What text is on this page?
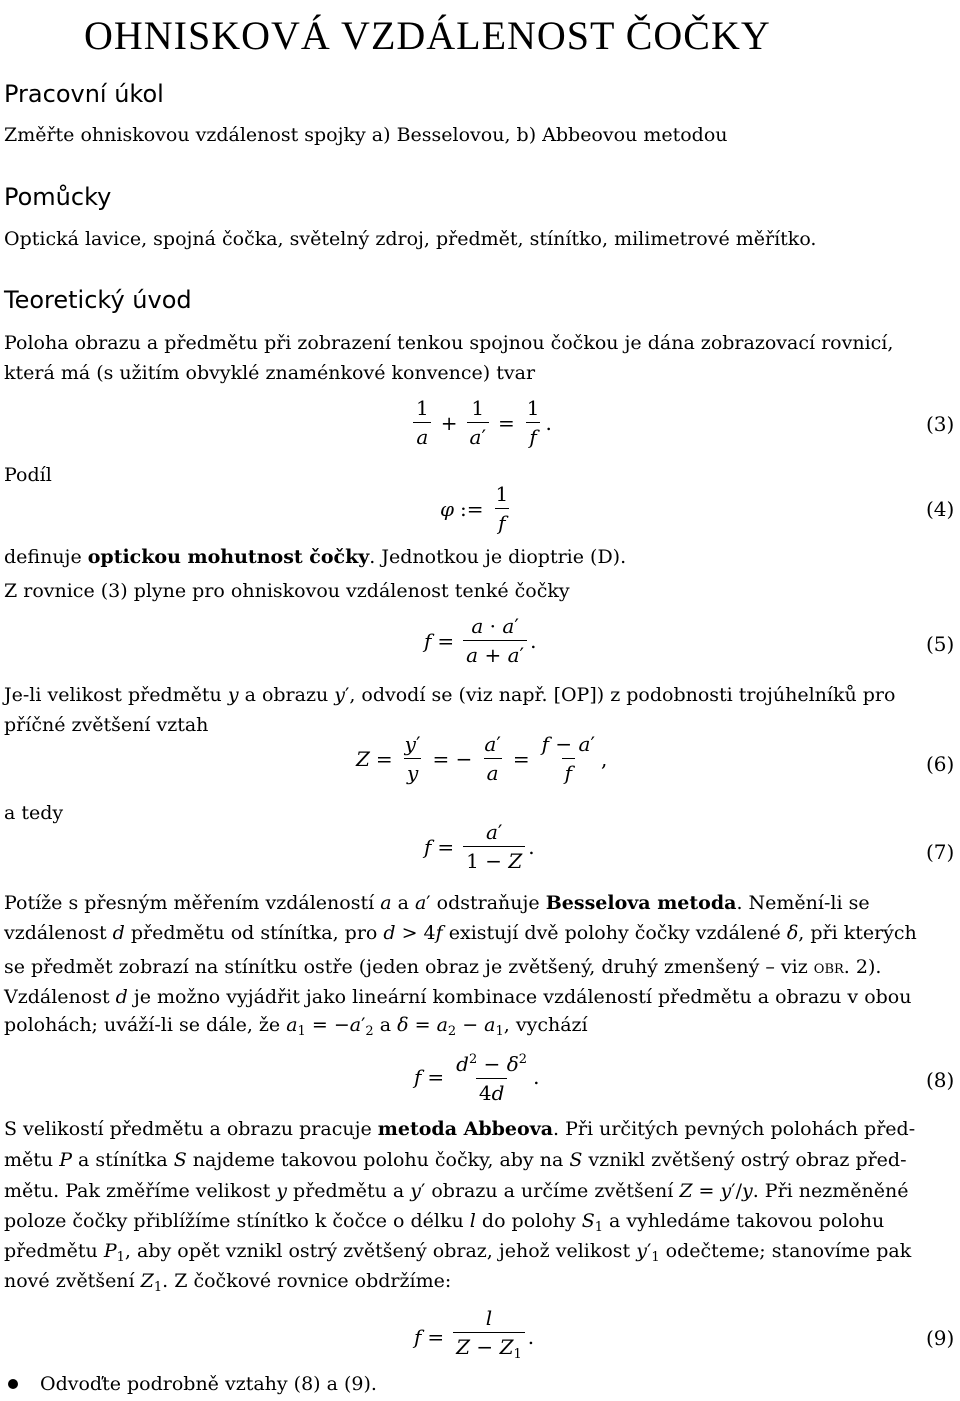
OHNISKOVÁ VZDÁLENOST ČOČKY
Pracovní úkol
Změřte ohniskovou vzdálenost spojky a) Besselovou, b) Abbeovou metodou
Pomůcky
Optická lavice, spojná čočka, světelný zdroj, předmět, stínítko, milimetrové měřítko.
Teoretický úvod
Poloha obrazu a předmětu při zobrazení tenkou spojnou čočkou je dána zobrazovací rovnicí,
která má (s užitím obvyklé znaménkové konvence) tvar
$\frac{1}{a} + \frac{1}{a'} = \frac{1}{f}$ .	(3)
Podíl
φ := $\frac{1}{f}$	(4)
definuje optickou mohutnost čočky. Jednotkou je dioptrie (D).
Z rovnice (3) plyne pro ohniskovou vzdálenost tenké čočky
$f = \frac{a \cdot a'}{a + a'}$ .	(5)
Je-li velikost předmětu y a obrazu y′, odvodí se (viz např. [OP]) z podobnosti trojúhelníků pro
příčné zvětšení vztah
$Z = \frac{y'}{y}$ = − $\frac{a'}{a} = \frac{f - a'}{f}$ ,	(6)
a tedy
$f = \frac{a'}{1 - Z}$ .	(7)
Potíže s přesným měřením vzdáleností a a a′ odstraňuje Besselova metoda. Nemění-li se
vzdálenost d předmětu od stínítka, pro d > 4f existují dvě polohy čočky vzdálené δ, při kterých
se předmět zobrazí na stínítku ostře (jeden obraz je zvětšený, druhý zmenšený – viz obr. 2).
Vzdálenost d je možno vyjádřit jako lineární kombinace vzdáleností předmětu a obrazu v obou
polohách; uváží-li se dále, že $a_1 = -a'_2$ a $\delta = a_2 - a_1$, vychází
$f = \frac{d^2 - \delta^2}{4d}$ .	(8)
S velikostí předmětu a obrazu pracuje metoda Abbeova. Při určitých pevných polohách před-
mětu P a stínítka S najdeme takovou polohu čočky, aby na S vznikl zvětšený ostrý obraz před-
mětu. Pak změříme velikost y předmětu a y′ obrazu a určíme zvětšení Z = y′/y. Při nezměněné
poloze čočky přiblížíme stínítko k čočce o délku l do polohy $S_1$ a vyhledáme takovou polohu
předmětu $P_1$, aby opět vznikl ostrý zvětšený obraz, jehož velikost $y'_1$ odečteme; stanovíme pak
nové zvětšení $Z_1$. Z čočkové rovnice obdržíme:
$f = \frac{l}{Z - Z_1}$ .	(9)
Odvoďte podrobně vztahy (8) a (9).
